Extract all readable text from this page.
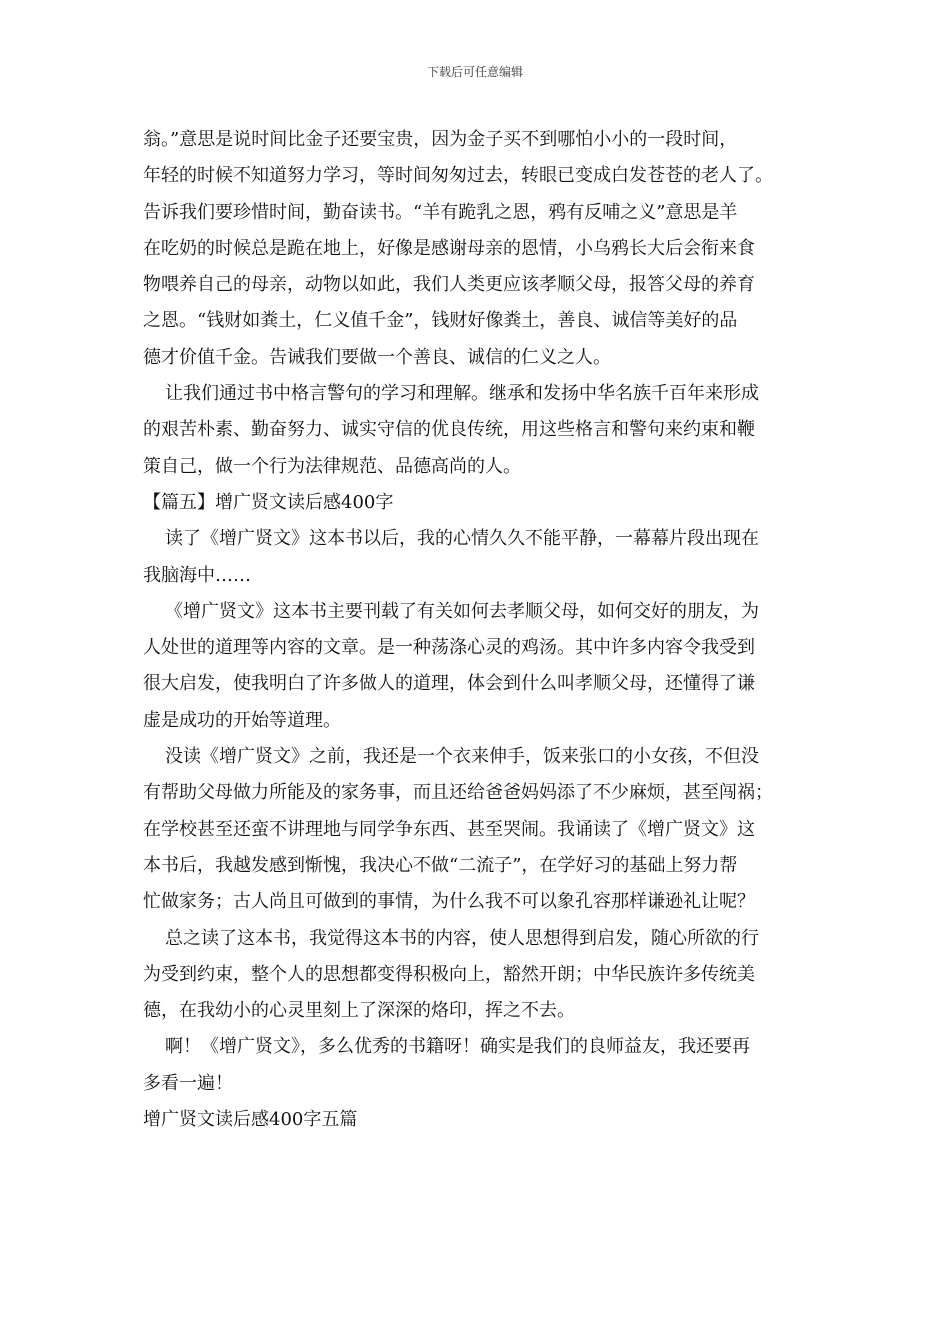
下载后可任意编辑
翁。”意思是说时间比金子还要宝贵，因为金子买不到哪怕小小的一段时间，
年轻的时候不知道努力学习，等时间匆匆过去，转眼已变成白发苍苍的老人了。
告诉我们要珍惜时间，勤奋读书。“羊有跪乳之恩，鸦有反哺之义”意思是羊
在吃奶的时候总是跪在地上，好像是感谢母亲的恩情，小乌鸦长大后会衔来食
物喂养自己的母亲，动物以如此，我们人类更应该孝顺父母，报答父母的养育
之恩。“钱财如粪土，仁义值千金”，钱财好像粪土，善良、诚信等美好的品
德才价值千金。告诫我们要做一个善良、诚信的仁义之人。
让我们通过书中格言警句的学习和理解。继承和发扬中华名族千百年来形成
的艰苦朴素、勤奋努力、诚实守信的优良传统，用这些格言和警句来约束和鞭
策自己，做一个行为法律规范、品德高尚的人。
【篇五】增广贤文读后感400字
读了《增广贤文》这本书以后，我的心情久久不能平静，一幕幕片段出现在
我脑海中……
《增广贤文》这本书主要刊载了有关如何去孝顺父母，如何交好的朋友，为
人处世的道理等内容的文章。是一种荡涤心灵的鸡汤。其中许多内容令我受到
很大启发，使我明白了许多做人的道理，体会到什么叫孝顺父母，还懂得了谦
虚是成功的开始等道理。
没读《增广贤文》之前，我还是一个衣来伸手，饭来张口的小女孩，不但没
有帮助父母做力所能及的家务事，而且还给爸爸妈妈添了不少麻烦，甚至闯祸；
在学校甚至还蛮不讲理地与同学争东西、甚至哭闹。我诵读了《增广贤文》这
本书后，我越发感到惭愧，我决心不做“二流子”，在学好习的基础上努力帮
忙做家务；古人尚且可做到的事情，为什么我不可以象孔容那样谦逊礼让呢？
总之读了这本书，我觉得这本书的内容，使人思想得到启发，随心所欲的行
为受到约束，整个人的思想都变得积极向上，豁然开朗；中华民族许多传统美
德，在我幼小的心灵里刻上了深深的烙印，挥之不去。
啊！《增广贤文》，多么优秀的书籍呀！确实是我们的良师益友，我还要再
多看一遍！
增广贤文读后感400字五篇
